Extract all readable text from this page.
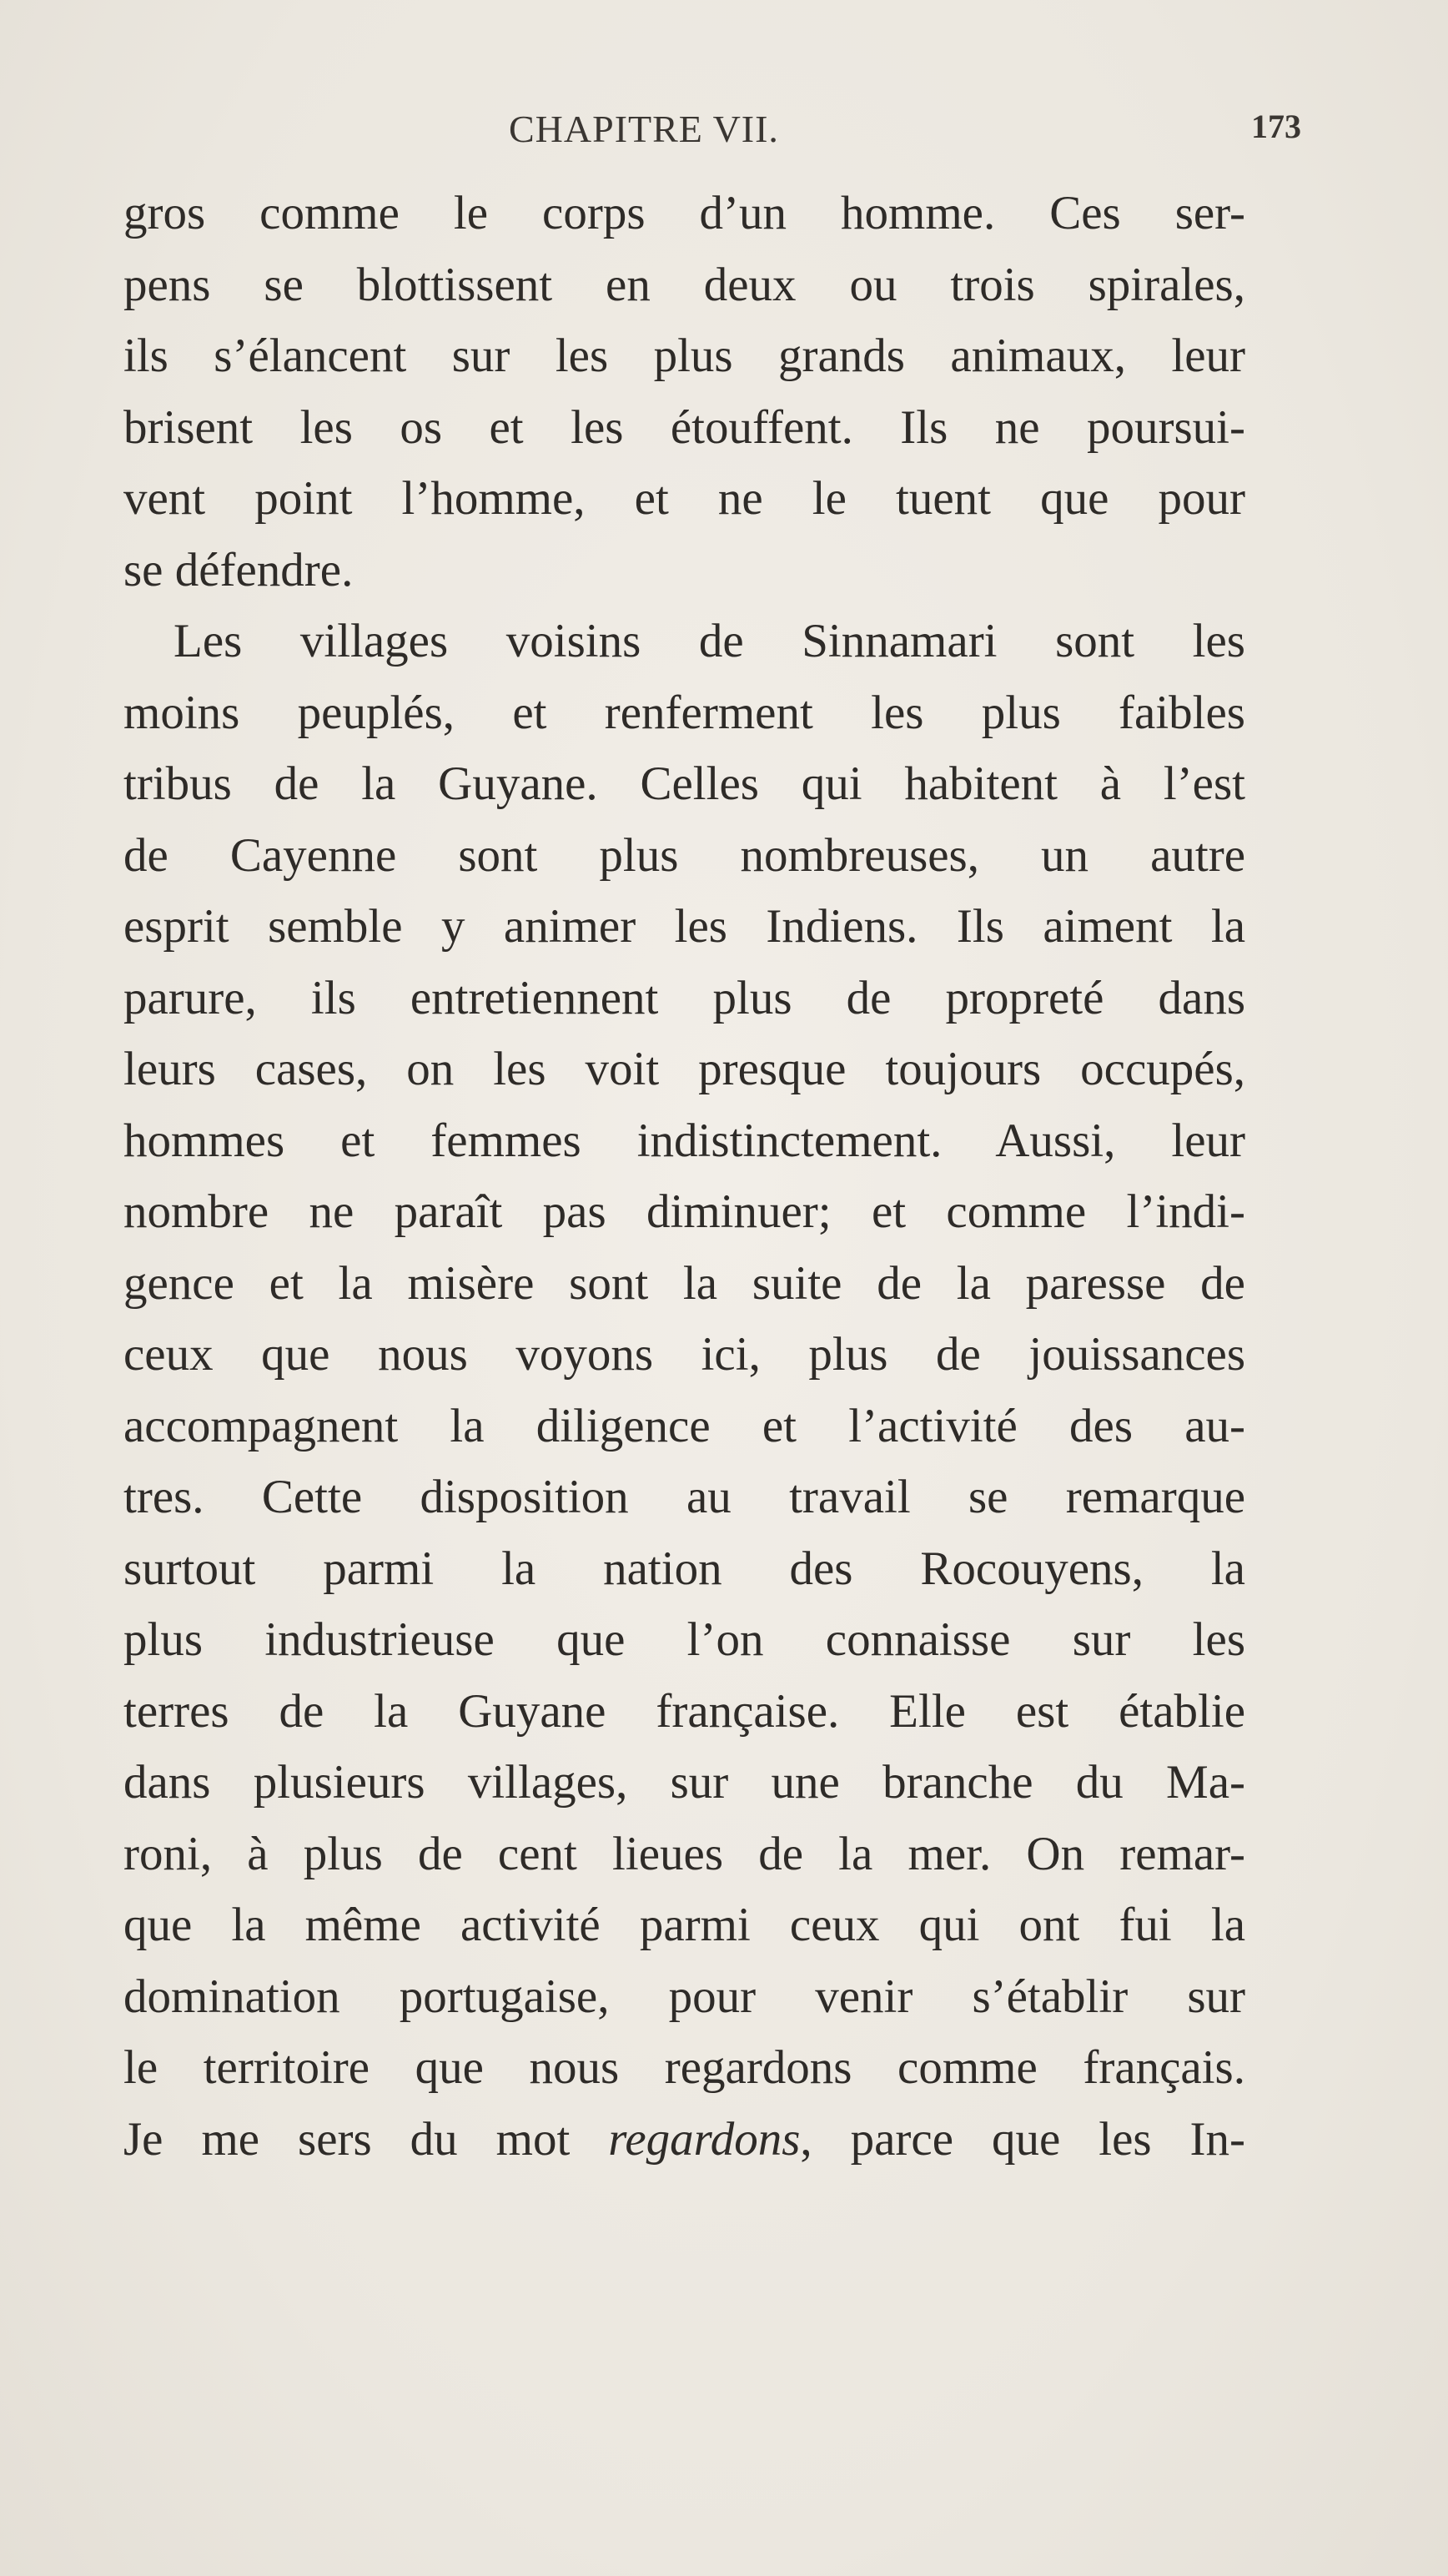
CHAPITRE VII.	173
gros comme le corps d’un homme. Ces ser-
pens se blottissent en deux ou trois spirales,
ils s’élancent sur les plus grands animaux, leur
brisent les os et les étouffent. Ils ne poursui-
vent point l’homme, et ne le tuent que pour
se défendre.
Les villages voisins de Sinnamari sont les
moins peuplés, et renferment les plus faibles
tribus de la Guyane. Celles qui habitent à l’est
de Cayenne sont plus nombreuses, un autre
esprit semble y animer les Indiens. Ils aiment la
parure, ils entretiennent plus de propreté dans
leurs cases, on les voit presque toujours occupés,
hommes et femmes indistinctement. Aussi, leur
nombre ne paraît pas diminuer; et comme l’indi-
gence et la misère sont la suite de la paresse de
ceux que nous voyons ici, plus de jouissances
accompagnent la diligence et l’activité des au-
tres. Cette disposition au travail se remarque
surtout parmi la nation des Rocouyens, la
plus industrieuse que l’on connaisse sur les
terres de la Guyane française. Elle est établie
dans plusieurs villages, sur une branche du Ma-
roni, à plus de cent lieues de la mer. On remar-
que la même activité parmi ceux qui ont fui la
domination portugaise, pour venir s’établir sur
le territoire que nous regardons comme français.
Je me sers du mot regardons, parce que les In-
